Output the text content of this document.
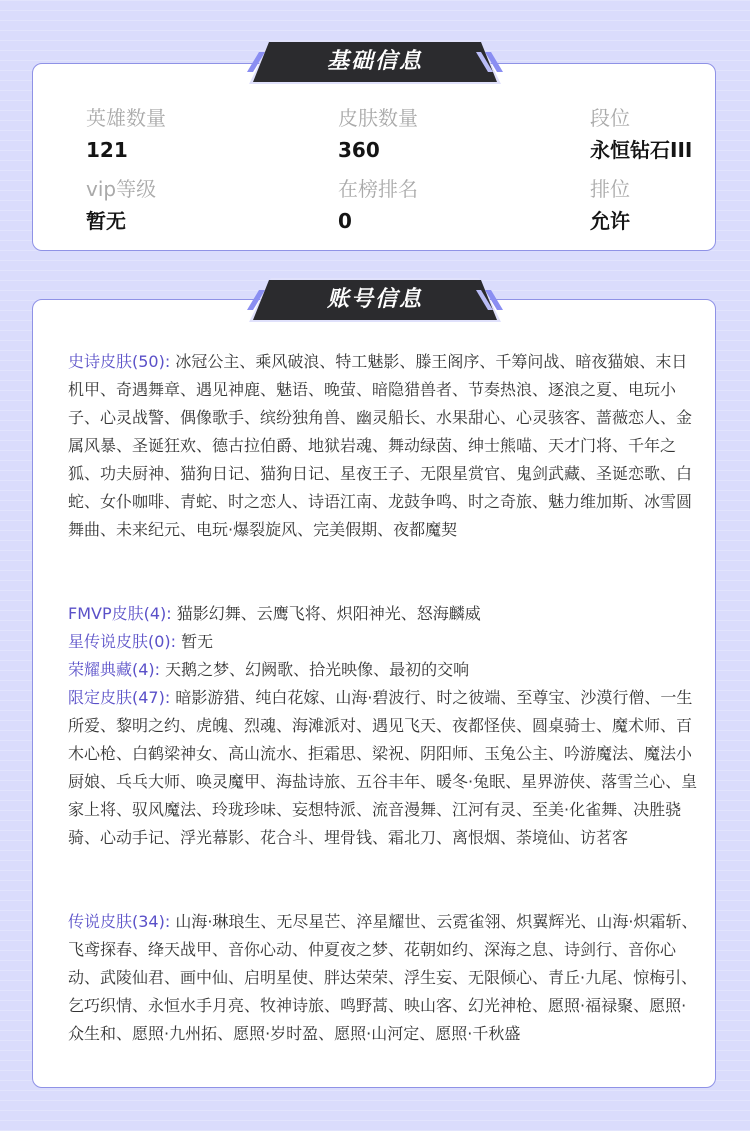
基础信息
英雄数量
121
皮肤数量
360
段位
永恒钻石III
vip等级
暂无
在榜排名
0
排位
允许
账号信息

史诗皮肤(50): 冰冠公主、乘风破浪、特工魅影、滕王阁序、千筹问战、暗夜猫娘、末日机甲、奇遇舞章、遇见神鹿、魅语、晚萤、暗隐猎兽者、节奏热浪、逐浪之夏、电玩小子、心灵战警、偶像歌手、缤纷独角兽、幽灵船长、水果甜心、心灵骇客、蔷薇恋人、金属风暴、圣诞狂欢、德古拉伯爵、地狱岩魂、舞动绿茵、绅士熊喵、天才门将、千年之狐、功夫厨神、猫狗日记、猫狗日记、星夜王子、无限星赏官、鬼剑武藏、圣诞恋歌、白蛇、女仆咖啡、青蛇、时之恋人、诗语江南、龙鼓争鸣、时之奇旅、魅力维加斯、冰雪圆舞曲、未来纪元、电玩·爆裂旋风、完美假期、夜都魔契

FMVP皮肤(4): 猫影幻舞、云鹰飞将、炽阳神光、怒海麟威

星传说皮肤(0): 暂无

荣耀典藏(4): 天鹅之梦、幻阙歌、拾光映像、最初的交响

限定皮肤(47): 暗影游猎、纯白花嫁、山海·碧波行、时之彼端、至尊宝、沙漠行僧、一生所爱、黎明之约、虎魄、烈魂、海滩派对、遇见飞天、夜都怪侠、圆桌骑士、魔术师、百木心枪、白鹤梁神女、高山流水、拒霜思、梁祝、阴阳师、玉兔公主、吟游魔法、魔法小厨娘、乓乓大师、唤灵魔甲、海盐诗旅、五谷丰年、暖冬·兔眠、星界游侠、落雪兰心、皇家上将、驭风魔法、玲珑珍味、妄想特派、流音漫舞、江河有灵、至美·化雀舞、决胜骁骑、心动手记、浮光幕影、花合斗、埋骨钱、霜北刀、离恨烟、荼境仙、访茗客

传说皮肤(34): 山海·琳琅生、无尽星芒、淬星耀世、云霓雀翎、炽翼辉光、山海·炽霜斩、飞鸢探春、绛天战甲、音你心动、仲夏夜之梦、花朝如约、深海之息、诗剑行、音你心动、武陵仙君、画中仙、启明星使、胖达荣荣、浮生妄、无限倾心、青丘·九尾、惊梅引、乞巧织情、永恒水手月亮、牧神诗旅、鸣野蒿、映山客、幻光神枪、愿照·福禄聚、愿照·众生和、愿照·九州拓、愿照·岁时盈、愿照·山河定、愿照·千秋盛
